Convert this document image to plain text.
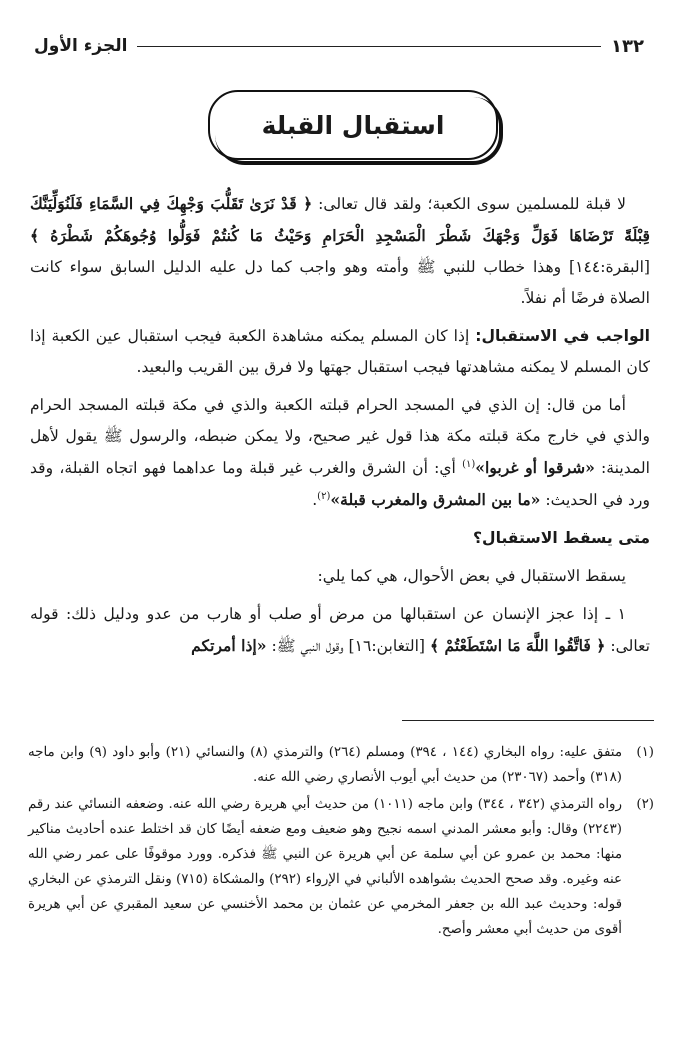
١٣٢
الجزء الأول
استقبال القبلة

لا قبلة للمسلمين سوى الكعبة؛ ولقد قال تعالى: ﴿ قَدْ نَرَىٰ تَقَلُّبَ وَجْهِكَ فِي السَّمَاءِ فَلَنُوَلِّيَنَّكَ قِبْلَةً تَرْضَاهَا فَوَلِّ وَجْهَكَ شَطْرَ الْمَسْجِدِ الْحَرَامِ وَحَيْثُ مَا كُنتُمْ فَوَلُّوا وُجُوهَكُمْ شَطْرَهُ ﴾ [البقرة:١٤٤] وهذا خطاب للنبي ﷺ وأمته وهو واجب كما دل عليه الدليل السابق سواء كانت الصلاة فرضًا أم نفلاً.

الواجب في الاستقبال: إذا كان المسلم يمكنه مشاهدة الكعبة فيجب استقبال عين الكعبة إذا كان المسلم لا يمكنه مشاهدتها فيجب استقبال جهتها ولا فرق بين القريب والبعيد.

أما من قال: إن الذي في المسجد الحرام قبلته الكعبة والذي في مكة قبلته المسجد الحرام والذي في خارج مكة قبلته مكة هذا قول غير صحيح، ولا يمكن ضبطه، والرسول ﷺ يقول لأهل المدينة: «شرقوا أو غربوا»$^{(١)}$ أي: أن الشرق والغرب غير قبلة وما عداهما فهو اتجاه القبلة، وقد ورد في الحديث: «ما بين المشرق والمغرب قبلة»$^{(٢)}$.

متى يسقط الاستقبال؟

يسقط الاستقبال في بعض الأحوال، هي كما يلي:

١ ـ إذا عجز الإنسان عن استقبالها من مرض أو صلب أو هارب من عدو ودليل ذلك: قوله تعالى: ﴿ فَاتَّقُوا اللَّهَ مَا اسْتَطَعْتُمْ ﴾ [التغابن:١٦] وقول النبي ﷺ: «إذا أمرتكم

(١)
متفق عليه: رواه البخاري (١٤٤ ، ٣٩٤) ومسلم (٢٦٤) والترمذي (٨) والنسائي (٢١) وأبو داود (٩) وابن ماجه (٣١٨) وأحمد (٢٣٠٦٧) من حديث أبي أيوب الأنصاري رضي الله عنه.
(٢)
رواه الترمذي (٣٤٢ ، ٣٤٤) وابن ماجه (١٠١١) من حديث أبي هريرة رضي الله عنه. وضعفه النسائي عند رقم (٢٢٤٣) وقال: وأبو معشر المدني اسمه نجيح وهو ضعيف ومع ضعفه أيضًا كان قد اختلط عنده أحاديث مناكير منها: محمد بن عمرو عن أبي سلمة عن أبي هريرة عن النبي ﷺ فذكره. وورد موقوفًا على عمر رضي الله عنه وغيره. وقد صحح الحديث بشواهده الألباني في الإرواء (٢٩٢) والمشكاة (٧١٥) ونقل الترمذي عن البخاري قوله: وحديث عبد الله بن جعفر المخرمي عن عثمان بن محمد الأخنسي عن سعيد المقبري عن أبي هريرة أقوى من حديث أبي معشر وأصح.
